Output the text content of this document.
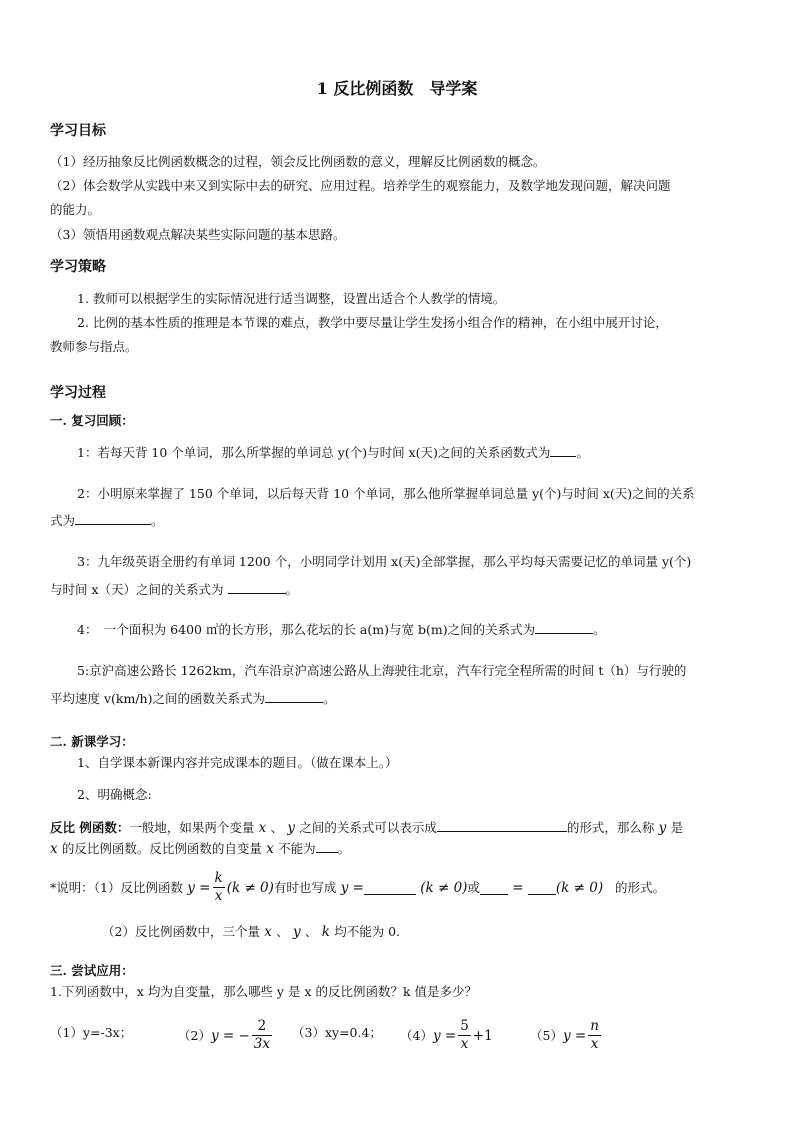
1 反比例函数　导学案
学习目标
（1）经历抽象反比例函数概念的过程，领会反比例函数的意义，理解反比例函数的概念。
（2）体会数学从实践中来又到实际中去的研究、应用过程。培养学生的观察能力，及数学地发现问题，解决问题
的能力。
（3）领悟用函数观点解决某些实际问题的基本思路。
学习策略
1. 教师可以根据学生的实际情况进行适当调整，设置出适合个人教学的情境。
2. 比例的基本性质的推理是本节课的难点，教学中要尽量让学生发扬小组合作的精神，在小组中展开讨论，
教师参与指点。
学习过程
一. 复习回顾：
1：若每天背 10 个单词，那么所掌握的单词总 y(个)与时间 x(天)之间的关系函数式为 。
2：小明原来掌握了 150 个单词，以后每天背 10 个单词，那么他所掌握单词总量 y(个)与时间 x(天)之间的关系
式为	。
3：九年级英语全册约有单词 1200 个，小明同学计划用 x(天)全部掌握，那么平均每天需要记忆的单词量 y(个)
与时间 x（天）之间的关系式为	。
4：　一个面积为 6400 ㎡的长方形，那么花坛的长 a(m)与宽 b(m)之间的关系式为	。
5:京沪高速公路长 1262km，汽车沿京沪高速公路从上海驶往北京，汽车行完全程所需的时间 t（h）与行驶的
平均速度 v(km/h)之间的函数关系式为	。
二. 新课学习：
1、自学课本新课内容并完成课本的题目。（做在课本上。）
2、明确概念:
反比 例函数：一般地，如果两个变量 x 、 y 之间的关系式可以表示成	的形式，那么称 y 是
x 的反比例函数。反比例函数的自变量 x 不能为 。
*说明：（1）反比例函数 $y = \frac{k}{x} (k \ne 0)$ 有时也写成 y =	(k ≠ 0) 或 = (k ≠ 0)
的形式。
（2）反比例函数中，三个量 x 、 y 、 k 均不能为 0.
三. 尝试应用：
1.下列函数中，x 均为自变量，那么哪些 y 是 x 的反比例函数？k 值是多少？
（1）y=-3x；	（2） y = − $\frac{2}{3x} (3)xy=0.4$； （4） $y = \frac{5}{x} +1$	（5） $y = \frac{n}{x}$
